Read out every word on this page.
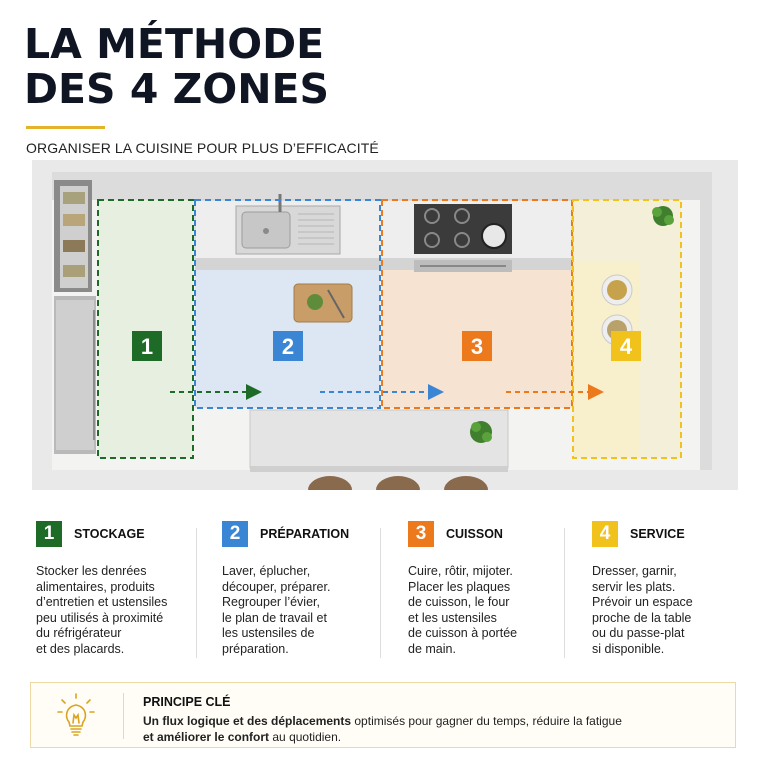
LA MÉTHODE
DES 4 ZONES
ORGANISER LA CUISINE POUR PLUS D’EFFICACITÉ
1	2	3	4
1	STOCKAGE
Stocker les denrées
alimentaires, produits
d’entretien et ustensiles
peu utilisés à proximité
du réfrigérateur
et des placards.
2	PRÉPARATION
Laver, éplucher,
découper, préparer.
Regrouper l’évier,
le plan de travail et
les ustensiles de
préparation.
3	CUISSON
Cuire, rôtir, mijoter.
Placer les plaques
de cuisson, le four
et les ustensiles
de cuisson à portée
de main.
4	SERVICE
Dresser, garnir,
servir les plats.
Prévoir un espace
proche de la table
ou du passe-plat
si disponible.
PRINCIPE CLÉ
Un flux logique et des déplacements optimisés pour gagner du temps, réduire la fatigue
et améliorer le confort au quotidien.
